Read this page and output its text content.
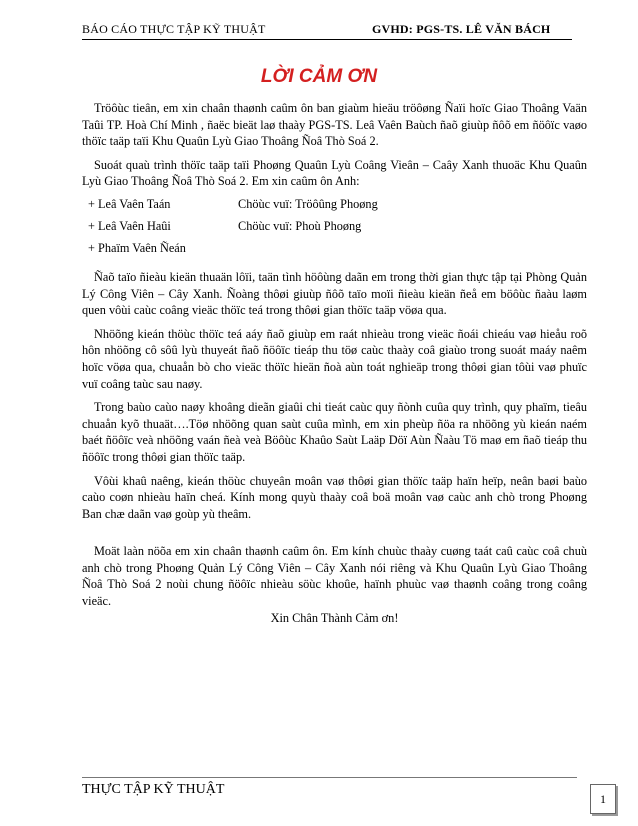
BÁO CÁO THỰC TẬP KỸ THUẬT	GVHD: PGS-TS. LÊ VĂN BÁCH
LỜI CẢM ƠN

Tröôùc tieân, em xin chaân thaønh caûm ôn ban giaùm hieäu tröôøng Ñaïi hoïc Giao Thoâng Vaän Taûi TP. Hoà Chí Minh , ñaëc bieät laø thaày PGS-TS. Leâ Vaên Baùch ñaõ giuùp ñôõ em ñöôïc vaøo thöïc taäp taïi Khu Quaûn Lyù Giao Thoâng Ñoâ Thò Soá 2.

Suoát quaù trình thöïc taäp taïi Phoøng Quaûn Lyù Coâng Vieân – Caây Xanh thuoäc Khu Quaûn Lyù Giao Thoâng Ñoâ Thò Soá 2. Em xin caûm ôn Anh:

+ Leâ Vaên Taán	Chöùc vuï: Tröôûng Phoøng
+ Leâ Vaên Haûi	Chöùc vuï: Phoù Phoøng
+ Phaïm Vaên Ñeán

Ñaõ taïo ñieàu kieän thuaän lôïi, taän tình höôùng daãn em trong thời gian thực tập tại Phòng Quản Lý Công Viên – Cây Xanh. Ñoàng thôøi giuùp ñôõ taïo moïi ñieàu kieän ñeå em böôùc ñaàu laøm quen vôùi caùc coâng vieäc thöïc teá trong thôøi gian thöïc taäp vöøa qua.

Nhöõng kieán thöùc thöïc teá aáy ñaõ giuùp em raát nhieàu trong vieäc ñoái chieáu vaø hieåu roõ hôn nhöõng cô sôû lyù thuyeát ñaõ ñöôïc tieáp thu töø caùc thaày coâ giaùo trong suoát maáy naêm hoïc vöøa qua, chuaån bò cho vieäc thöïc hieän ñoà aùn toát nghieäp trong thôøi gian tôùi vaø phuïc vuï coâng taùc sau naøy.

Trong baùo caùo naøy khoâng dieãn giaûi chi tieát caùc quy ñònh cuûa quy trình, quy phaïm, tieâu chuaån kyõ thuaät….Töø nhöõng quan saùt cuûa mình, em xin pheùp ñöa ra nhöõng yù kieán naém baét ñöôïc veà nhöõng vaán ñeà veà Böôùc Khaûo Saùt Laäp Döï Aùn Ñaàu Tö maø em ñaõ tieáp thu ñöôïc trong thôøi gian thöïc taäp.

Vôùi khaû naêng, kieán thöùc chuyeân moân vaø thôøi gian thöïc taäp haïn heïp, neân baøi baùo caùo coøn nhieàu haïn cheá. Kính mong quyù thaày coâ boä moân vaø caùc anh chò trong Phoøng Ban chæ daãn vaø goùp yù theâm.

Moät laàn nöõa em xin chaân thaønh caûm ôn. Em kính chuùc thaày cuøng taát caû caùc coâ chuù anh chò trong Phoøng Quản Lý Công Viên – Cây Xanh nói riêng và Khu Quaûn Lyù Giao Thoâng Ñoâ Thò Soá 2 noùi chung ñöôïc nhieàu söùc khoûe, haïnh phuùc vaø thaønh coâng trong coâng vieäc.

Xin Chân Thành Cảm ơn!

THỰC TẬP KỸ THUẬT
1
